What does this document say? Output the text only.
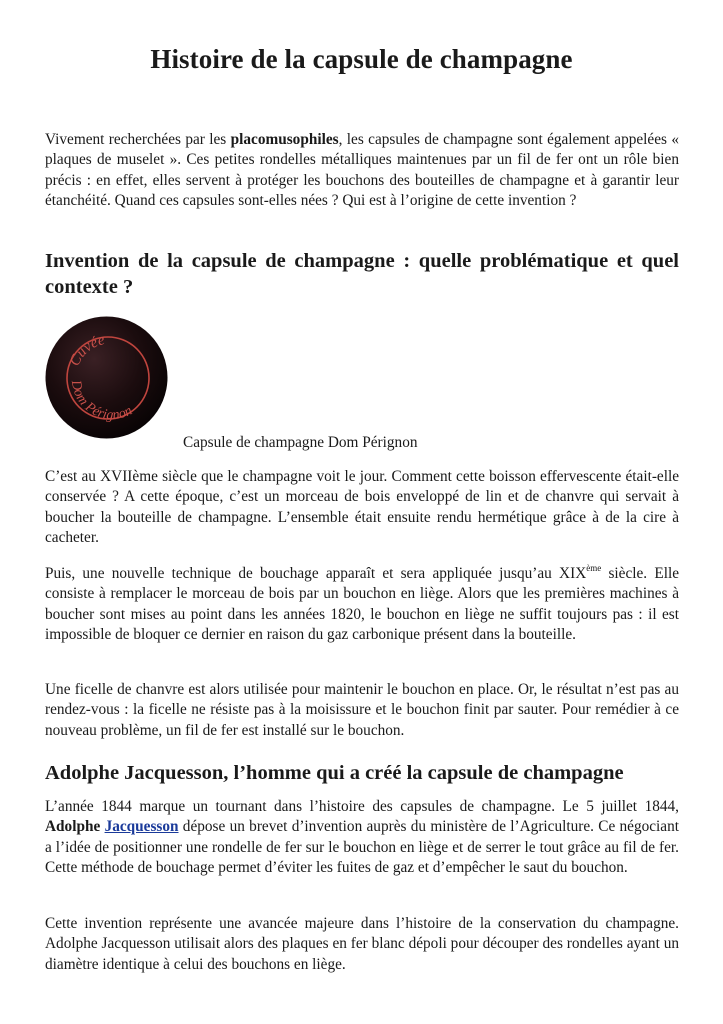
Histoire de la capsule de champagne

Vivement recherchées par les placomusophiles, les capsules de champagne sont également appelées « plaques de muselet ». Ces petites rondelles métalliques maintenues par un fil de fer ont un rôle bien précis : en effet, elles servent à protéger les bouchons des bouteilles de champagne et à garantir leur étanchéité. Quand ces capsules sont-elles nées ? Qui est à l’origine de cette invention ?

Invention de la capsule de champagne : quelle problématique et quel contexte ?
Cuvée
Dom Pérignon
Capsule de champagne Dom Pérignon

C’est au XVIIème siècle que le champagne voit le jour. Comment cette boisson effervescente était-elle conservée ? A cette époque, c’est un morceau de bois enveloppé de lin et de chanvre qui servait à boucher la bouteille de champagne. L’ensemble était ensuite rendu hermétique grâce à de la cire à cacheter.

Puis, une nouvelle technique de bouchage apparaît et sera appliquée jusqu’au XIXème siècle. Elle consiste à remplacer le morceau de bois par un bouchon en liège. Alors que les premières machines à boucher sont mises au point dans les années 1820, le bouchon en liège ne suffit toujours pas : il est impossible de bloquer ce dernier en raison du gaz carbonique présent dans la bouteille.

Une ficelle de chanvre est alors utilisée pour maintenir le bouchon en place. Or, le résultat n’est pas au rendez-vous : la ficelle ne résiste pas à la moisissure et le bouchon finit par sauter. Pour remédier à ce nouveau problème, un fil de fer est installé sur le bouchon.

Adolphe Jacquesson, l’homme qui a créé la capsule de champagne

L’année 1844 marque un tournant dans l’histoire des capsules de champagne. Le 5 juillet 1844, Adolphe Jacquesson dépose un brevet d’invention auprès du ministère de l’Agriculture. Ce négociant a l’idée de positionner une rondelle de fer sur le bouchon en liège et de serrer le tout grâce au fil de fer. Cette méthode de bouchage permet d’éviter les fuites de gaz et d’empêcher le saut du bouchon.

Cette invention représente une avancée majeure dans l’histoire de la conservation du champagne. Adolphe Jacquesson utilisait alors des plaques en fer blanc dépoli pour découper des rondelles ayant un diamètre identique à celui des bouchons en liège.
